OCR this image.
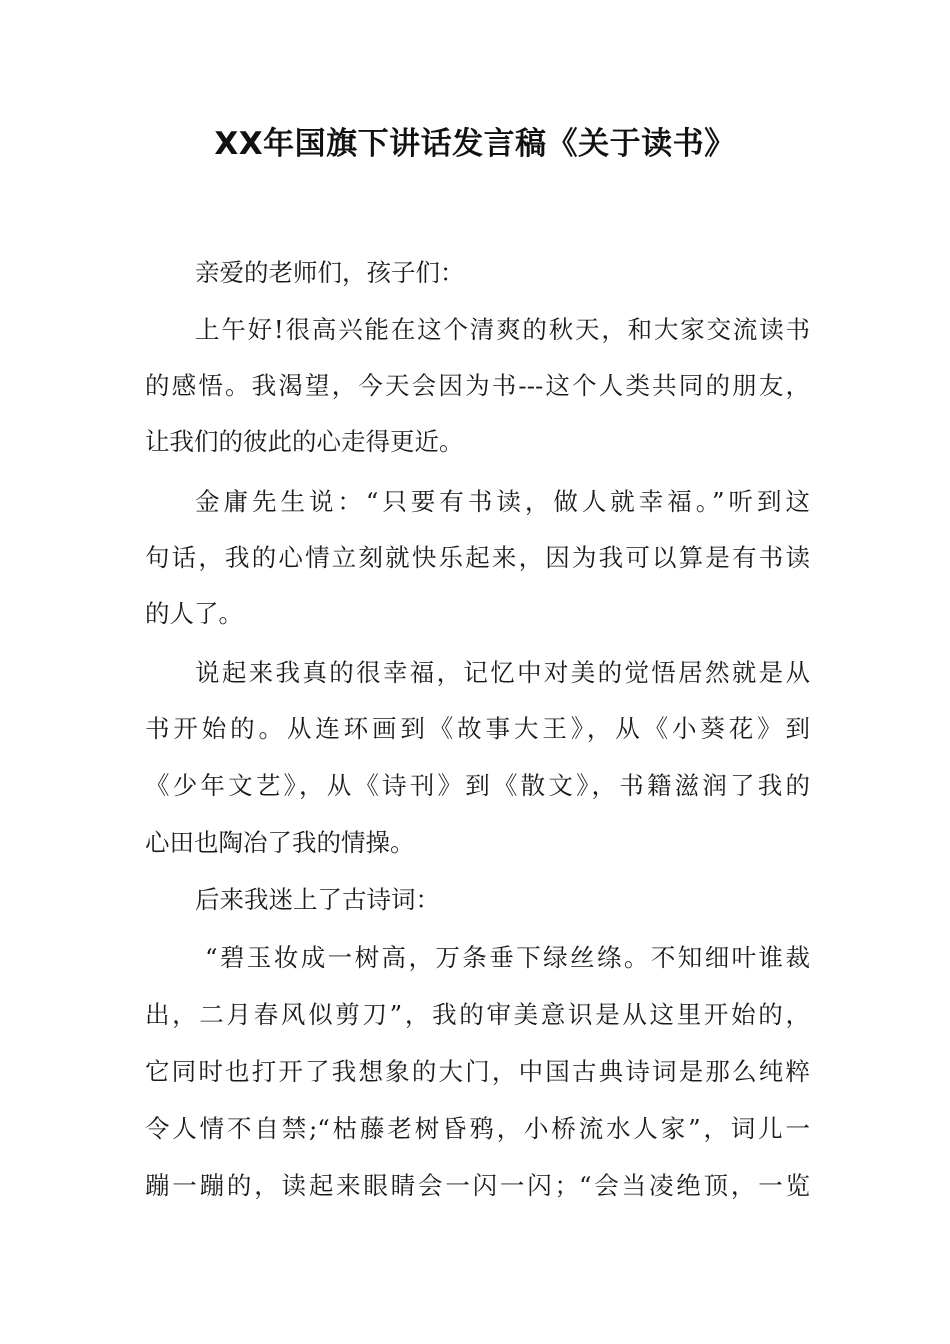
XX年国旗下讲话发言稿《关于读书》
亲爱的老师们，孩子们：
上午好!很高兴能在这个清爽的秋天，和大家交流读书
的感悟。我渴望，今天会因为书---这个人类共同的朋友，
让我们的彼此的心走得更近。
金庸先生说：“只要有书读，做人就幸福。”听到这
句话，我的心情立刻就快乐起来，因为我可以算是有书读
的人了。
说起来我真的很幸福，记忆中对美的觉悟居然就是从
书开始的。从连环画到《故事大王》，从《小葵花》到
《少年文艺》，从《诗刊》到《散文》，书籍滋润了我的
心田也陶冶了我的情操。
后来我迷上了古诗词：
“碧玉妆成一树高，万条垂下绿丝绦。不知细叶谁裁
出，二月春风似剪刀”，我的审美意识是从这里开始的，
它同时也打开了我想象的大门，中国古典诗词是那么纯粹
令人情不自禁;“枯藤老树昏鸦，小桥流水人家”，词儿一
蹦一蹦的，读起来眼睛会一闪一闪；“会当凌绝顶，一览
